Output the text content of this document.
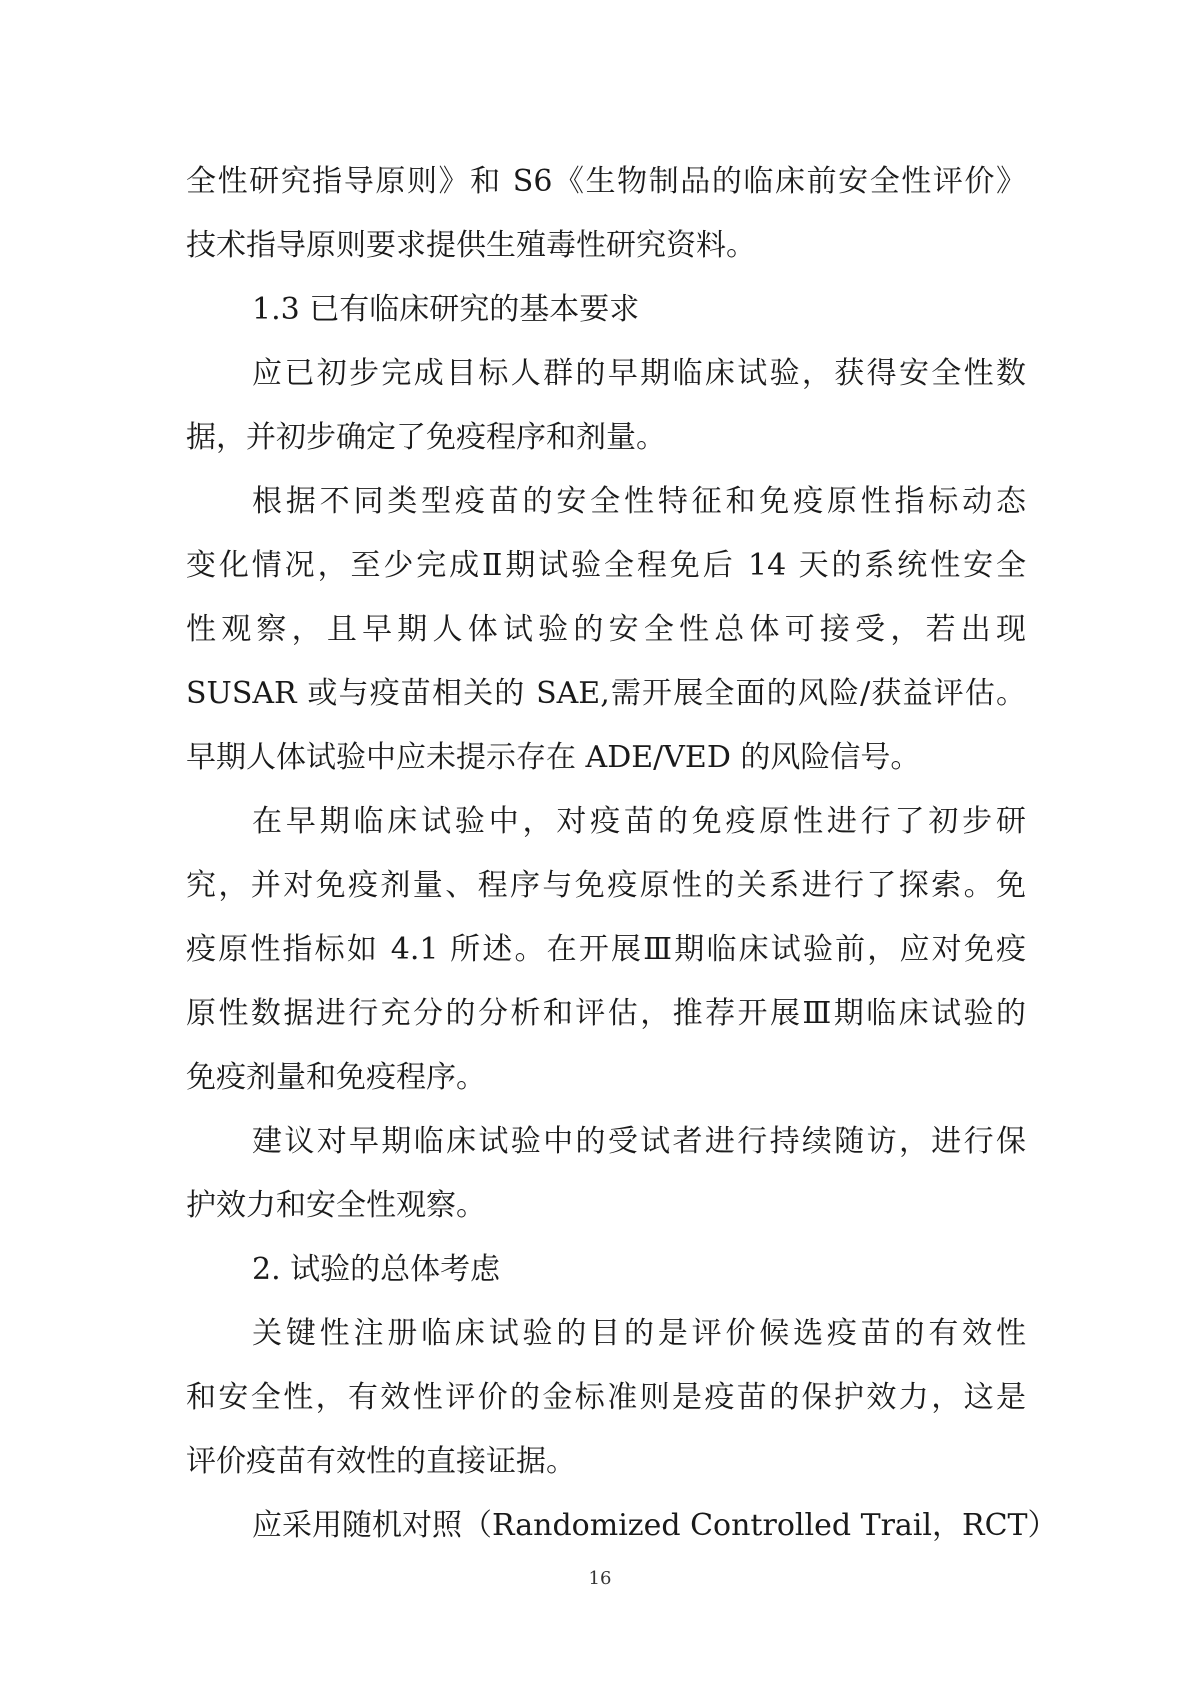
全性研究指导原则》和 S6《生物制品的临床前安全性评价》
技术指导原则要求提供生殖毒性研究资料。
1.3 已有临床研究的基本要求
应已初步完成目标人群的早期临床试验，获得安全性数
据，并初步确定了免疫程序和剂量。
根据不同类型疫苗的安全性特征和免疫原性指标动态
变化情况，至少完成Ⅱ期试验全程免后 14 天的系统性安全
性观察，且早期人体试验的安全性总体可接受，若出现
SUSAR 或与疫苗相关的 SAE,需开展全面的风险/获益评估。
早期人体试验中应未提示存在 ADE/VED 的风险信号。
在早期临床试验中，对疫苗的免疫原性进行了初步研
究，并对免疫剂量、程序与免疫原性的关系进行了探索。免
疫原性指标如 4.1 所述。在开展Ⅲ期临床试验前，应对免疫
原性数据进行充分的分析和评估，推荐开展Ⅲ期临床试验的
免疫剂量和免疫程序。
建议对早期临床试验中的受试者进行持续随访，进行保
护效力和安全性观察。
2. 试验的总体考虑
关键性注册临床试验的目的是评价候选疫苗的有效性
和安全性，有效性评价的金标准则是疫苗的保护效力，这是
评价疫苗有效性的直接证据。
应采用随机对照（Randomized Controlled Trail，RCT）
16
